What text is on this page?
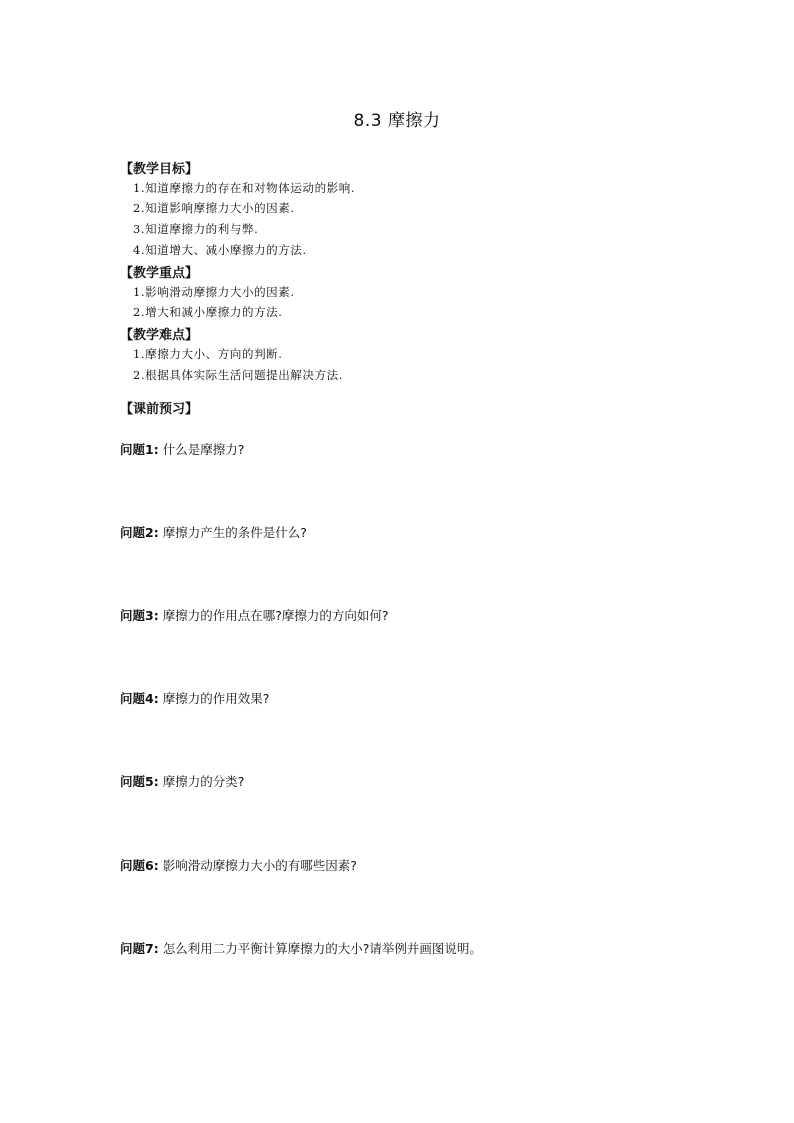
8.3 摩擦力
【教学目标】
1.知道摩擦力的存在和对物体运动的影响.
2.知道影响摩擦力大小的因素.
3.知道摩擦力的利与弊.
4.知道增大、减小摩擦力的方法.
【教学重点】
1.影响滑动摩擦力大小的因素.
2.增大和减小摩擦力的方法.
【教学难点】
1.摩擦力大小、方向的判断.
2.根据具体实际生活问题提出解决方法.
【课前预习】
问题1: 什么是摩擦力?
问题2: 摩擦力产生的条件是什么?
问题3: 摩擦力的作用点在哪?摩擦力的方向如何?
问题4: 摩擦力的作用效果?
问题5: 摩擦力的分类?
问题6: 影响滑动摩擦力大小的有哪些因素?
问题7: 怎么利用二力平衡计算摩擦力的大小?请举例并画图说明。
